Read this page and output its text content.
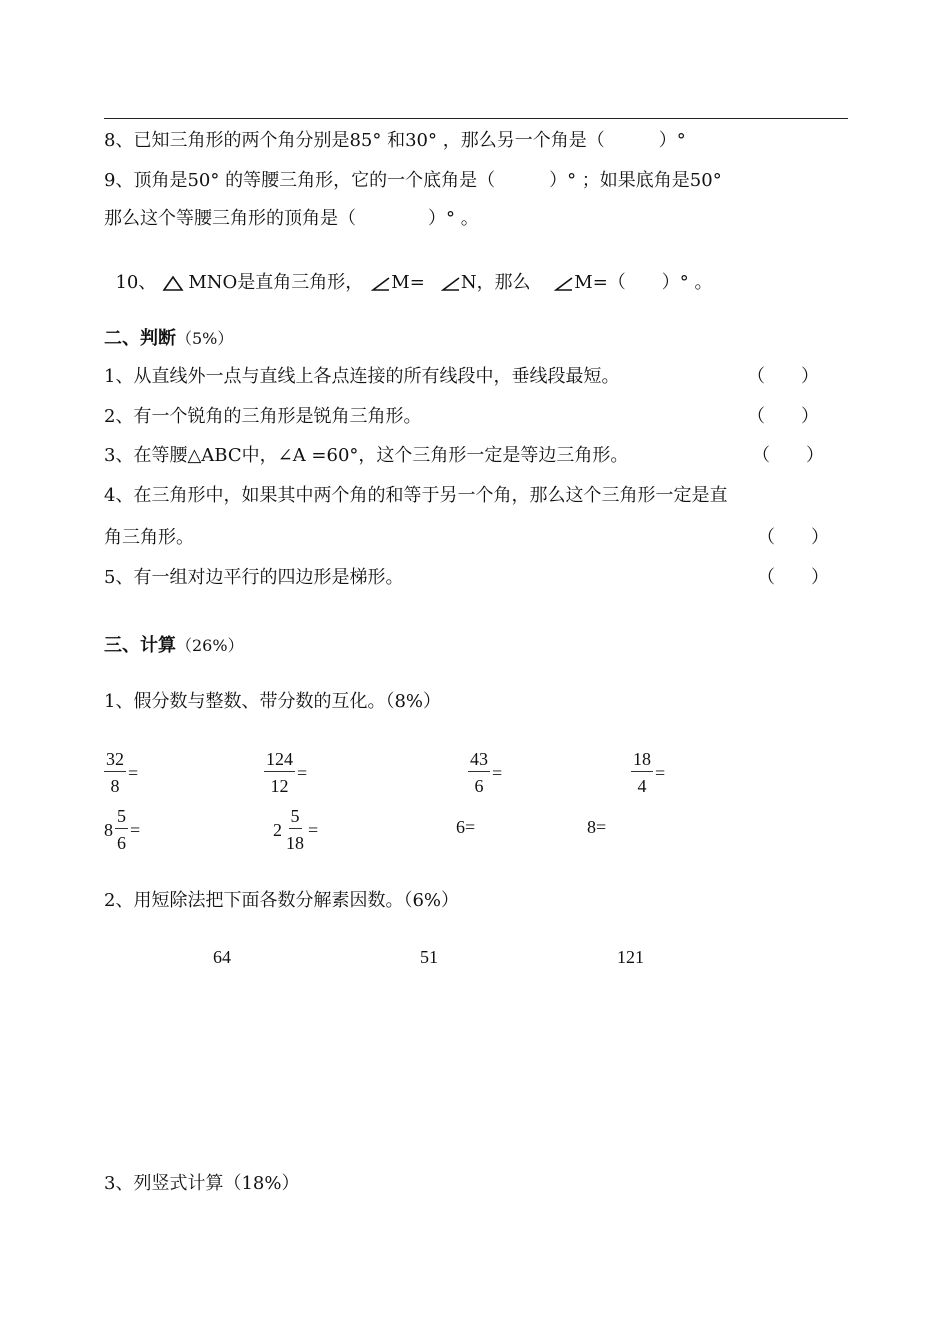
8、已知三角形的两个角分别是85° 和30° ，那么另一个角是（　　　）°
9、顶角是50° 的等腰三角形，它的一个底角是（　　　）° ；如果底角是50°
那么这个等腰三角形的顶角是（　　　　）° 。

10、 MNO是直角三角形， M= N，那么 M=（　　）° 。

二、判断（5%）
1、从直线外一点与直线上各点连接的所有线段中，垂线段最短。	（　　）
2、有一个锐角的三角形是锐角三角形。	（　　）
3、在等腰△ABC中，∠A =60°，这个三角形一定是等边三角形。	（　　）
4、在三角形中，如果其中两个角的和等于另一个角，那么这个三角形一定是直
角三角形。	（　　）
5、有一组对边平行的四边形是梯形。	（　　）
三、计算（26%）
1、假分数与整数、带分数的互化。（8%）
$\frac{32}{8}$ =	$\frac{124}{12}$ =	$\frac{43}{6}$ =	$\frac{18}{4}$ =
$8 \frac{5}{6}$ =	$2 \frac{5}{18}$ =	6=	8=
2、用短除法把下面各数分解素因数。（6%）
64	51	121
3、列竖式计算（18%）
